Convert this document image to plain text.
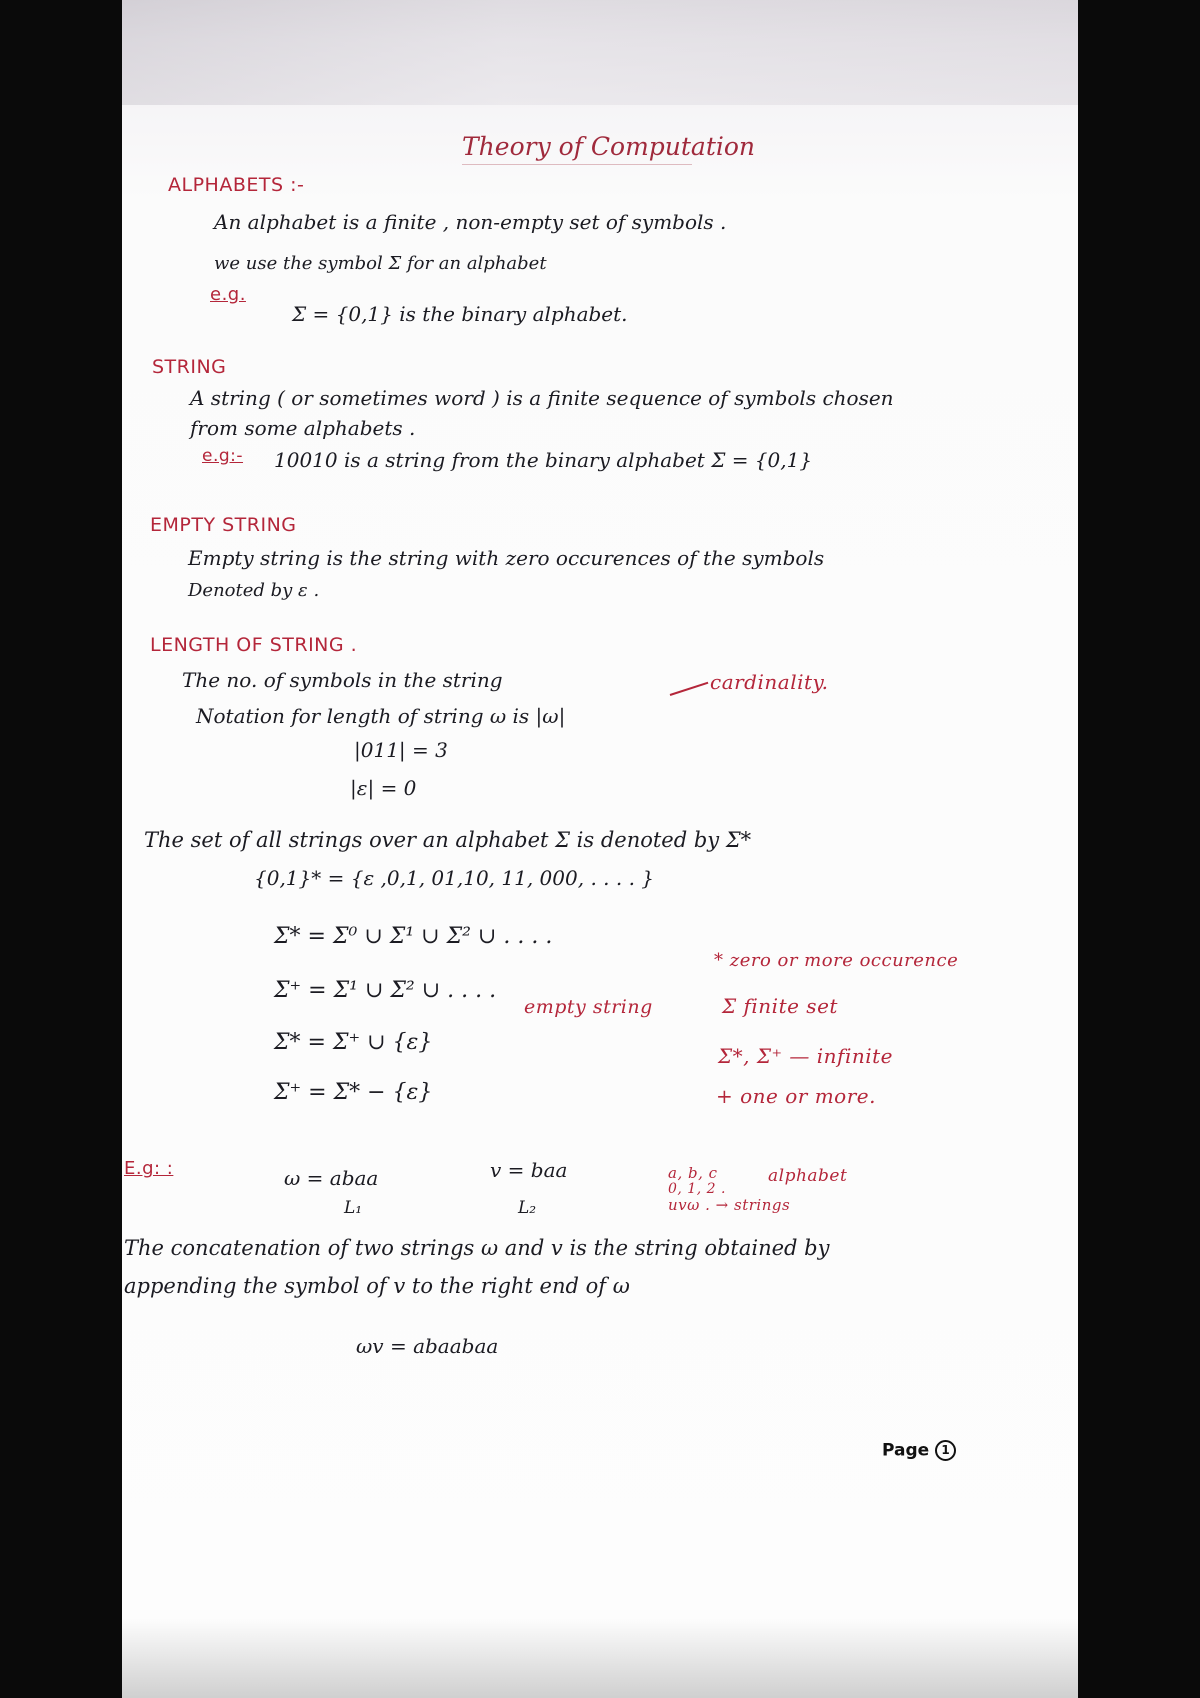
Theory of Computation
ALPHABETS :-
An alphabet is a finite , non-empty set of symbols .
we use the symbol Σ for an alphabet
e.g.
Σ = {0,1} is the binary alphabet.
STRING
A string ( or sometimes word ) is a finite sequence of symbols chosen
from some alphabets .
e.g:- 10010 is a string from the binary alphabet Σ = {0,1}
EMPTY STRING
Empty string is the string with zero occurences of the symbols
Denoted by ε .
LENGTH OF STRING .
The no. of symbols in the string
Notation for length of string ω is |ω|
cardinality.
|011| = 3
|ε| = 0
The set of all strings over an alphabet Σ is denoted by Σ*
{0,1}* = {ε ,0,1, 01,10, 11, 000, . . . . }
Σ* = Σ⁰ ∪ Σ¹ ∪ Σ² ∪ . . . .
Σ⁺ = Σ¹ ∪ Σ² ∪ . . . .
Σ* = Σ⁺ ∪ {ε}
empty string
Σ⁺ = Σ* − {ε}
* zero or more occurence
Σ finite set
Σ*, Σ⁺ — infinite
+ one or more.
E.g: :	ω = abaa
L₁
v = baa
L₂
a, b, c	alphabet
0, 1, 2 .
uvω . → strings
The concatenation of two strings ω and v is the string obtained by
appending the symbol of v to the right end of ω
ωv = abaabaa
Page 1
